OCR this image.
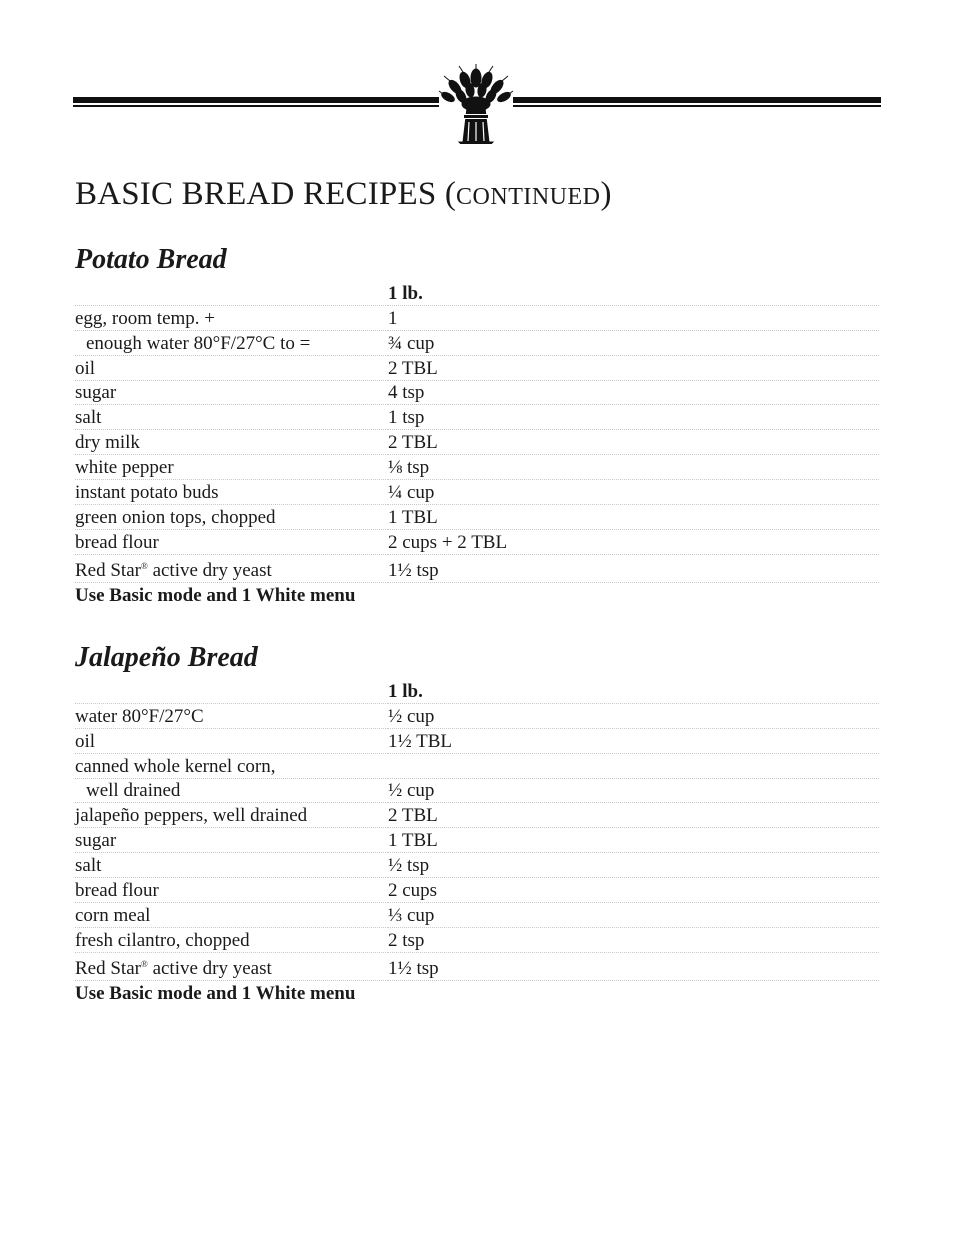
BASIC BREAD RECIPES (CONTINUED)
Potato Bread
	1 lb.
egg, room temp. +	1
enough water 80°F/27°C to =	¾ cup
oil	2 TBL
sugar	4 tsp
salt	1 tsp
dry milk	2 TBL
white pepper	⅛ tsp
instant potato buds	¼ cup
green onion tops, chopped	1 TBL
bread flour	2 cups + 2 TBL
Red Star® active dry yeast	1½ tsp
Use Basic mode and 1 White menu	
Jalapeño Bread
	1 lb.
water 80°F/27°C	½ cup
oil	1½ TBL
canned whole kernel corn,	
well drained	½ cup
jalapeño peppers, well drained	2 TBL
sugar	1 TBL
salt	½ tsp
bread flour	2 cups
corn meal	⅓ cup
fresh cilantro, chopped	2 tsp
Red Star® active dry yeast	1½ tsp
Use Basic mode and 1 White menu	
